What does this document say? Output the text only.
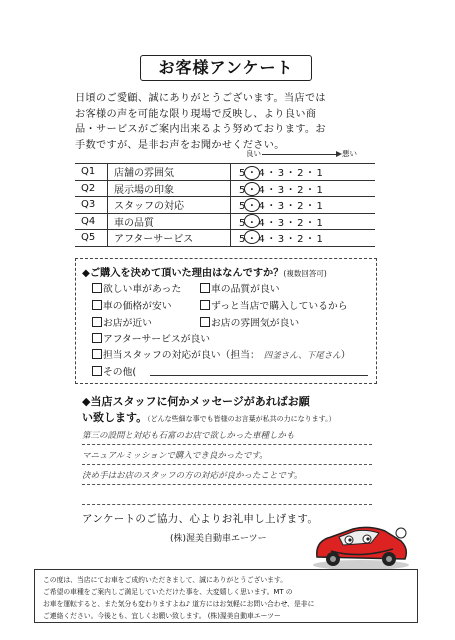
お客様アンケート
日頃のご愛顧、誠にありがとうございます。当店では
お客様の声を可能な限り現場で反映し、より良い商
品・サービスがご案内出来るよう努めております。お
手数ですが、是非お声をお聞かせください。
良い	悪い
Q1	店舗の雰囲気	5・4・3・2・1
Q2	展示場の印象	5・4・3・2・1
Q3	スタッフの対応	5・4・3・2・1
Q4	車の品質	5・4・3・2・1
Q5	アフターサービス	5・4・3・2・1
◆ご購入を決めて頂いた理由はなんですか？(複数回答可)
欲しい車があった	車の品質が良い
車の価格が安い	ずっと当店で購入しているから
お店が近い	お店の雰囲気が良い
アフターサービスが良い
担当スタッフの対応が良い（担当： 四釜さん、下尾さん）
その他(
◆当店スタッフに何かメッセージがあればお願
い致します。（どんな些細な事でも皆様のお言葉が私共の力になります。）
第三の設問と対応も石富のお店で欲しかった車種しかも
マニュアルミッションで購入でき良かったです。
決め手はお店のスタッフの方の対応が良かったことです。
アンケートのご協力、心よりお礼申し上げます。
(株)渥美自動車エーツー

この度は、当店にてお車をご成約いただきまして、誠にありがとうございます。

ご希望の車種をご案内しご満足していただけた事を、大変嬉しく思います。MT の

お車を運転すると、また気分も変わりますよね♪ 道方にはお気軽にお問い合わせ、是非に

ご連絡ください。今後とも、宜しくお願い致します。 (株)渥美自動車エーツー
